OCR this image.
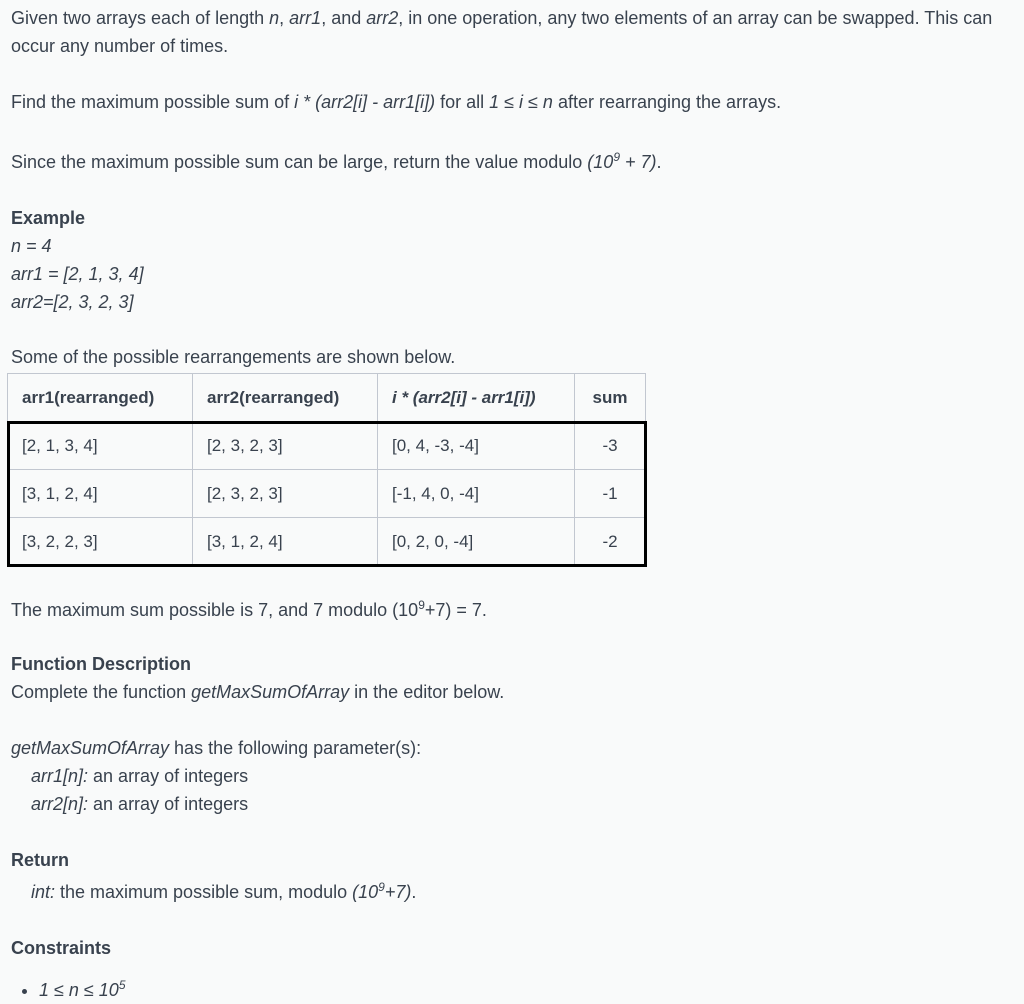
Given two arrays each of length n, arr1, and arr2, in one operation, any two elements of an array can be swapped. This can occur any number of times.

Find the maximum possible sum of i * (arr2[i] - arr1[i]) for all 1 ≤ i ≤ n after rearranging the arrays.

Since the maximum possible sum can be large, return the value modulo $(10^9 + 7)$.

Example

n = 4

arr1 = [2, 1, 3, 4]

arr2=[2, 3, 2, 3]

Some of the possible rearrangements are shown below.

arr1(rearranged)	arr2(rearranged)	i * (arr2[i] - arr1[i])	sum
[2, 1, 3, 4]	[2, 3, 2, 3]	[0, 4, -3, -4]	-3
[3, 1, 2, 4]	[2, 3, 2, 3]	[-1, 4, 0, -4]	-1
[3, 2, 2, 3]	[3, 1, 2, 4]	[0, 2, 0, -4]	-2

The maximum sum possible is 7, and 7 modulo $(10^9+7) = 7$.

Function Description

Complete the function getMaxSumOfArray in the editor below.

getMaxSumOfArray has the following parameter(s):

arr1[n]: an array of integers

arr2[n]: an array of integers

Return

int: the maximum possible sum, modulo $(10^9+7)$.

Constraints

• $1 \le n \le 10^5$
